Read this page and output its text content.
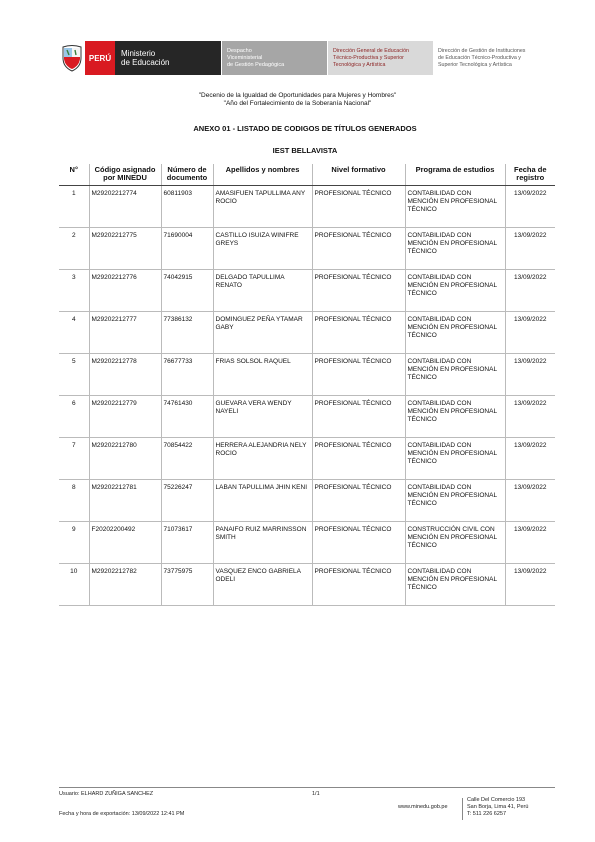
PERÚ Ministerio
de Educación
Despacho
Viceministerial
de Gestión Pedagógica
Dirección General de Educación
Técnico-Productiva y Superior
Tecnológica y Artística
Dirección de Gestión de Instituciones
de Educación Técnico-Productiva y
Superior Tecnológica y Artística
"Decenio de la Igualdad de Oportunidades para Mujeres y Hombres"
"Año del Fortalecimiento de la Soberanía Nacional"
ANEXO 01 - LISTADO DE CODIGOS DE TÍTULOS GENERADOS
IEST BELLAVISTA
N°	Código asignado por MINEDU	Número de documento	Apellidos y nombres	Nivel formativo	Programa de estudios	Fecha de registro
1	M29202212774	60811903	AMASIFUEN TAPULLIMA ANY ROCIO	PROFESIONAL TÉCNICO	CONTABILIDAD CON MENCIÓN EN PROFESIONAL TÉCNICO	13/09/2022
2	M29202212775	71690004	CASTILLO ISUIZA WINIFRE GREYS	PROFESIONAL TÉCNICO	CONTABILIDAD CON MENCIÓN EN PROFESIONAL TÉCNICO	13/09/2022
3	M29202212776	74042915	DELGADO TAPULLIMA RENATO	PROFESIONAL TÉCNICO	CONTABILIDAD CON MENCIÓN EN PROFESIONAL TÉCNICO	13/09/2022
4	M29202212777	77386132	DOMINGUEZ PEÑA YTAMAR GABY	PROFESIONAL TÉCNICO	CONTABILIDAD CON MENCIÓN EN PROFESIONAL TÉCNICO	13/09/2022
5	M29202212778	76677733	FRIAS SOLSOL RAQUEL	PROFESIONAL TÉCNICO	CONTABILIDAD CON MENCIÓN EN PROFESIONAL TÉCNICO	13/09/2022
6	M29202212779	74761430	GUEVARA VERA WENDY NAYELI	PROFESIONAL TÉCNICO	CONTABILIDAD CON MENCIÓN EN PROFESIONAL TÉCNICO	13/09/2022
7	M29202212780	70854422	HERRERA ALEJANDRIA NELY ROCIO	PROFESIONAL TÉCNICO	CONTABILIDAD CON MENCIÓN EN PROFESIONAL TÉCNICO	13/09/2022
8	M29202212781	75226247	LABAN TAPULLIMA JHIN KENI	PROFESIONAL TÉCNICO	CONTABILIDAD CON MENCIÓN EN PROFESIONAL TÉCNICO	13/09/2022
9	F20202200492	71073617	PANAIFO RUIZ MARRINSSON SMITH	PROFESIONAL TÉCNICO	CONSTRUCCIÓN CIVIL CON MENCIÓN EN PROFESIONAL TÉCNICO	13/09/2022
10	M29202212782	73775975	VASQUEZ ENCO GABRIELA ODELI	PROFESIONAL TÉCNICO	CONTABILIDAD CON MENCIÓN EN PROFESIONAL TÉCNICO	13/09/2022
Usuario: ELHARD ZUÑIGA SANCHEZ	1/1
Fecha y hora de exportación: 13/09/2022 12:41 PM
www.minedu.gob.pe
Calle Del Comercio 193
San Borja, Lima 41, Perú
T: 511 226 6257
